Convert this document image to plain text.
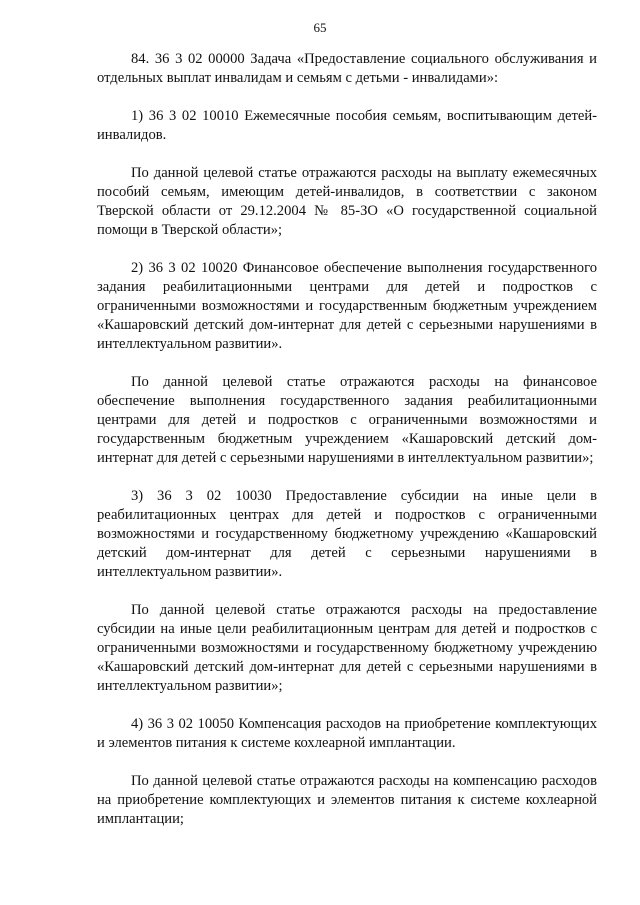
65

84. 36 3 02 00000 Задача «Предоставление социального обслуживания и отдельных выплат инвалидам и семьям с детьми - инвалидами»:

1) 36 3 02 10010 Ежемесячные пособия семьям, воспитывающим детей-инвалидов.

По данной целевой статье отражаются расходы на выплату ежемесячных пособий семьям, имеющим детей-инвалидов, в соответствии с законом Тверской области от 29.12.2004 № 85-ЗО «О государственной социальной помощи в Тверской области»;

2) 36 3 02 10020 Финансовое обеспечение выполнения государственного задания реабилитационными центрами для детей и подростков с ограниченными возможностями и государственным бюджетным учреждением «Кашаровский детский дом-интернат для детей с серьезными нарушениями в интеллектуальном развитии».

По данной целевой статье отражаются расходы на финансовое обеспечение выполнения государственного задания реабилитационными центрами для детей и подростков с ограниченными возможностями и государственным бюджетным учреждением «Кашаровский детский дом-интернат для детей с серьезными нарушениями в интеллектуальном развитии»;

3) 36 3 02 10030 Предоставление субсидии на иные цели в реабилитационных центрах для детей и подростков с ограниченными возможностями и государственному бюджетному учреждению «Кашаровский детский дом-интернат для детей с серьезными нарушениями в интеллектуальном развитии».

По данной целевой статье отражаются расходы на предоставление субсидии на иные цели реабилитационным центрам для детей и подростков с ограниченными возможностями и государственному бюджетному учреждению «Кашаровский детский дом-интернат для детей с серьезными нарушениями в интеллектуальном развитии»;

4) 36 3 02 10050 Компенсация расходов на приобретение комплектующих и элементов питания к системе кохлеарной имплантации.

По данной целевой статье отражаются расходы на компенсацию расходов на приобретение комплектующих и элементов питания к системе кохлеарной имплантации;
